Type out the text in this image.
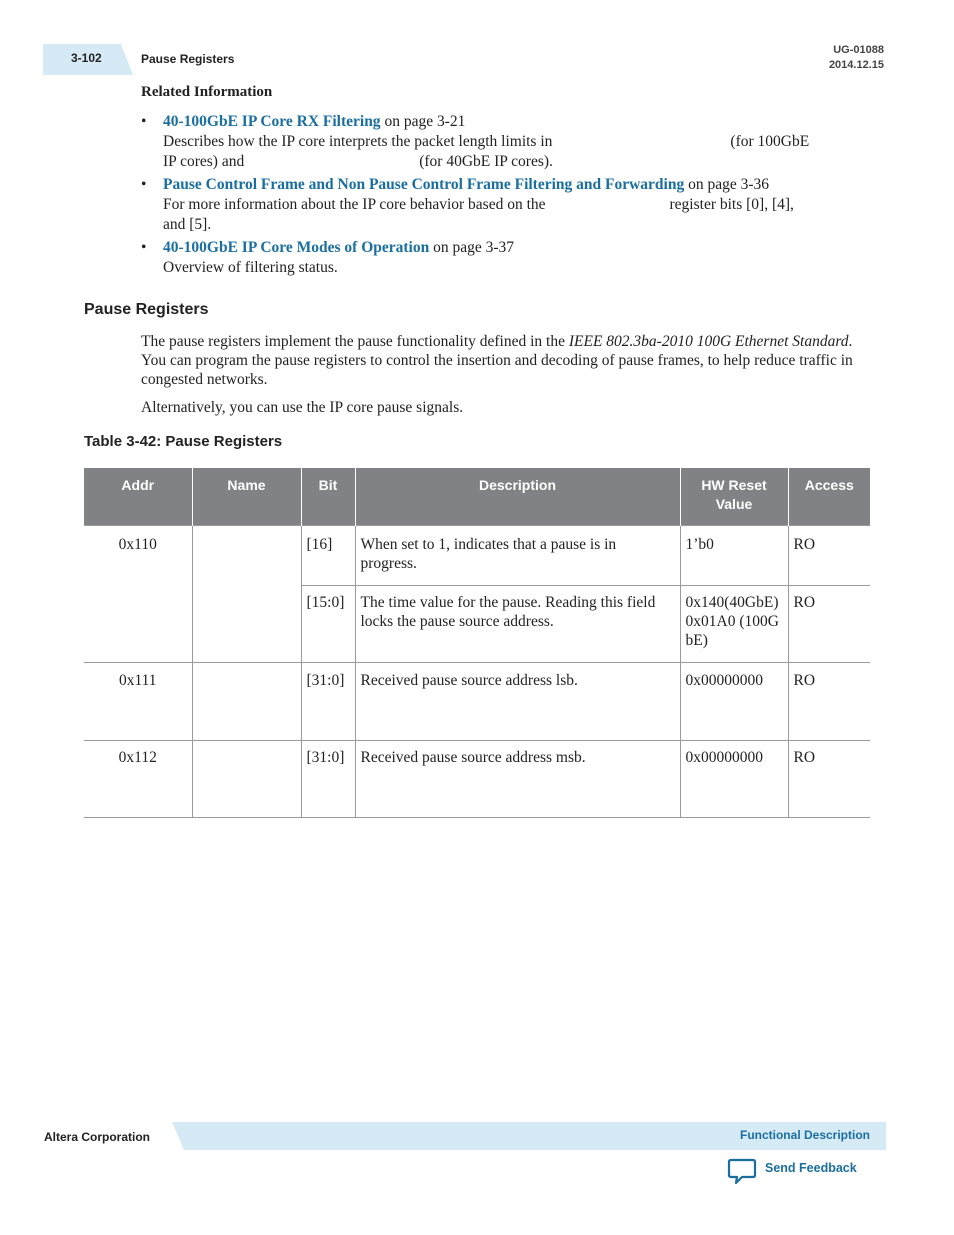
3-102	Pause Registers
UG-01088
2014.12.15
Related Information
• 40-100GbE IP Core RX Filtering on page 3-21
Describes how the IP core interprets the packet length limits in	(for 100GbE
IP cores) and	(for 40GbE IP cores).
• Pause Control Frame and Non Pause Control Frame Filtering and Forwarding on page 3-36
For more information about the IP core behavior based on the	register bits [0], [4],
and [5].
• 40-100GbE IP Core Modes of Operation on page 3-37
Overview of filtering status.
Pause Registers
The pause registers implement the pause functionality defined in the IEEE 802.3ba-2010 100G Ethernet Standard. You can program the pause registers to control the insertion and decoding of pause frames, to help reduce traffic in congested networks.
Alternatively, you can use the IP core pause signals.
Table 3-42: Pause Registers
Addr	Name	Bit	Description	HW Reset Value	Access
0x110		[16]	When set to 1, indicates that a pause is in progress.	1’b0	RO
		[15:0]	The time value for the pause. Reading this field locks the pause source address.	0x140(40GbE)0x01A0 (100GbE)	RO
0x111		[31:0]	Received pause source address lsb.	0x00000000	RO
0x112		[31:0]	Received pause source address msb.	0x00000000	RO
Altera Corporation	Functional Description
Send Feedback
